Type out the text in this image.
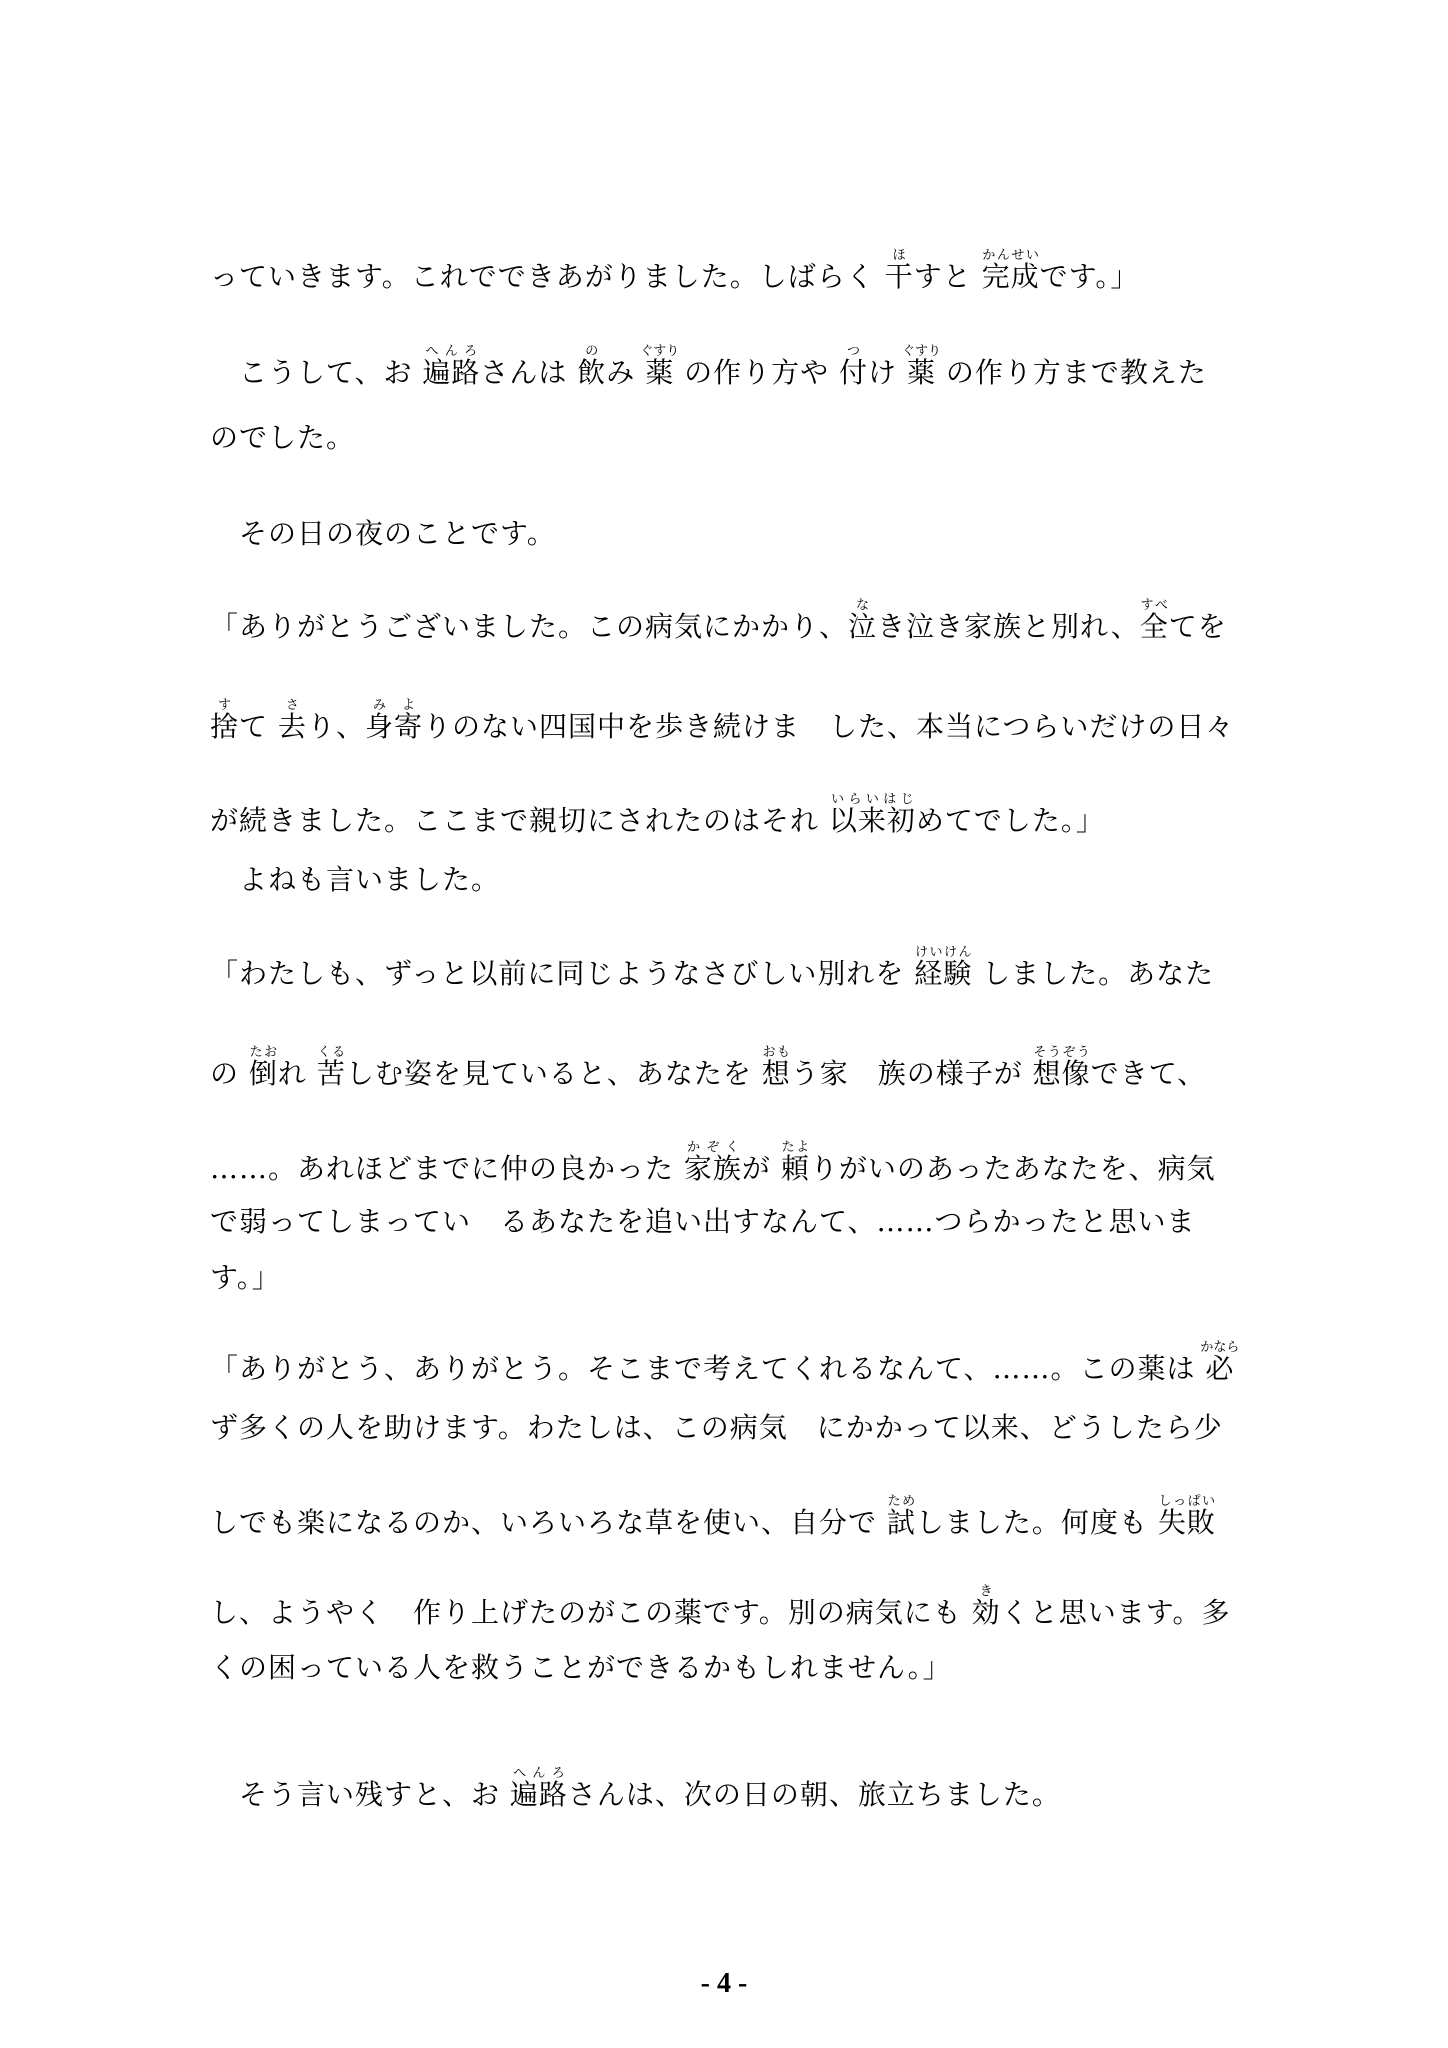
っていきます。これでできあがりました。しばらく 干ほすと 完成かんせいです。」
　こうして、お 遍路へんろさんは 飲のみ 薬ぐすり の作り方や 付つけ 薬ぐすり の作り方まで教えた
のでした。
　その日の夜のことです。
「ありがとうございました。この病気にかかり、泣なき泣き家族と別れ、全すべてを
捨すて 去さり、身寄みよりのない四国中を歩き続けま　した、本当につらいだけの日々
が続きました。ここまで親切にされたのはそれ 以来初いらいはじめてでした。」
　よねも言いました。
「わたしも、ずっと以前に同じようなさびしい別れを 経験けいけん しました。あなた
の 倒たおれ 苦くるしむ姿を見ていると、あなたを 想おもう家　族の様子が 想像そうぞうできて、
……。あれほどまでに仲の良かった 家族かぞくが 頼たよりがいのあったあなたを、病気
で弱ってしまってい　るあなたを追い出すなんて、……つらかったと思いま
す。」
「ありがとう、ありがとう。そこまで考えてくれるなんて、……。この薬は 必かなら
ず多くの人を助けます。わたしは、この病気　にかかって以来、どうしたら少
しでも楽になるのか、いろいろな草を使い、自分で 試ためしました。何度も 失敗しっぱい
し、ようやく　作り上げたのがこの薬です。別の病気にも 効きくと思います。多
くの困っている人を救うことができるかもしれません。」
　そう言い残すと、お 遍路へんろさんは、次の日の朝、旅立ちました。
- 4 -
